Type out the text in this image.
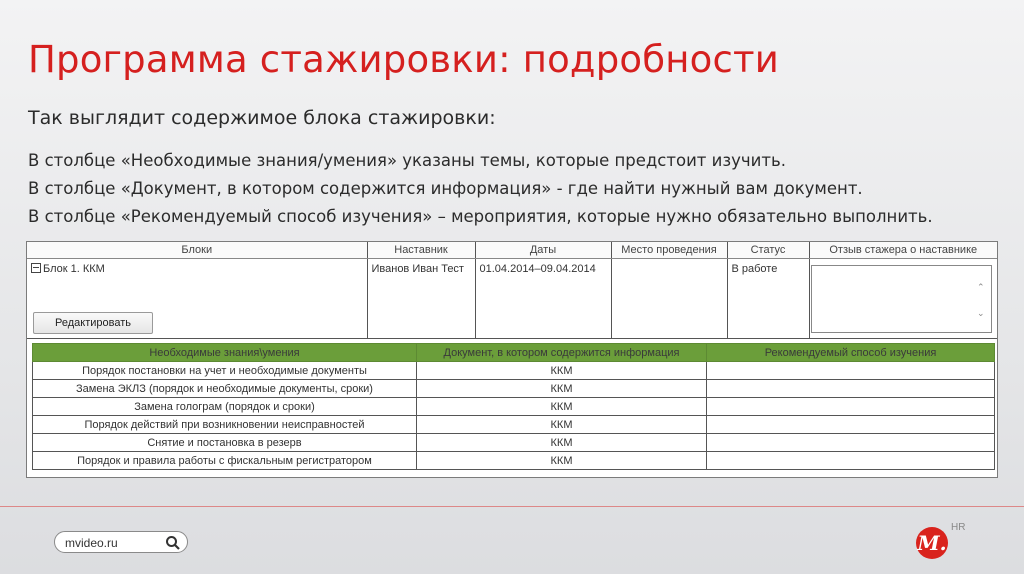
Программа стажировки: подробности
Так выглядит содержимое блока стажировки:
В столбце «Необходимые знания/умения» указаны темы, которые предстоит изучить.
В столбце «Документ, в котором содержится информация» - где найти нужный вам документ.
В столбце «Рекомендуемый способ изучения» – мероприятия, которые нужно обязательно выполнить.
Блоки	Наставник	Даты	Место проведения	Статус	Отзыв стажера о наставнике
Блок 1. ККМ	Иванов Иван Тест	01.04.2014–09.04.2014		В работе	
Редактировать
⌃
⌄
Необходимые знания\умения	Документ, в котором содержится информация	Рекомендуемый способ изучения
Порядок постановки на учет и необходимые документы	ККМ	
Замена ЭКЛЗ (порядок и необходимые документы, сроки)	ККМ	
Замена голограм (порядок и сроки)	ККМ	
Порядок действий при возникновении неисправностей	ККМ	
Снятие и постановка в резерв	ККМ	
Порядок и правила работы с фискальным регистратором	ККМ	
mvideo.ru	М.
HR
